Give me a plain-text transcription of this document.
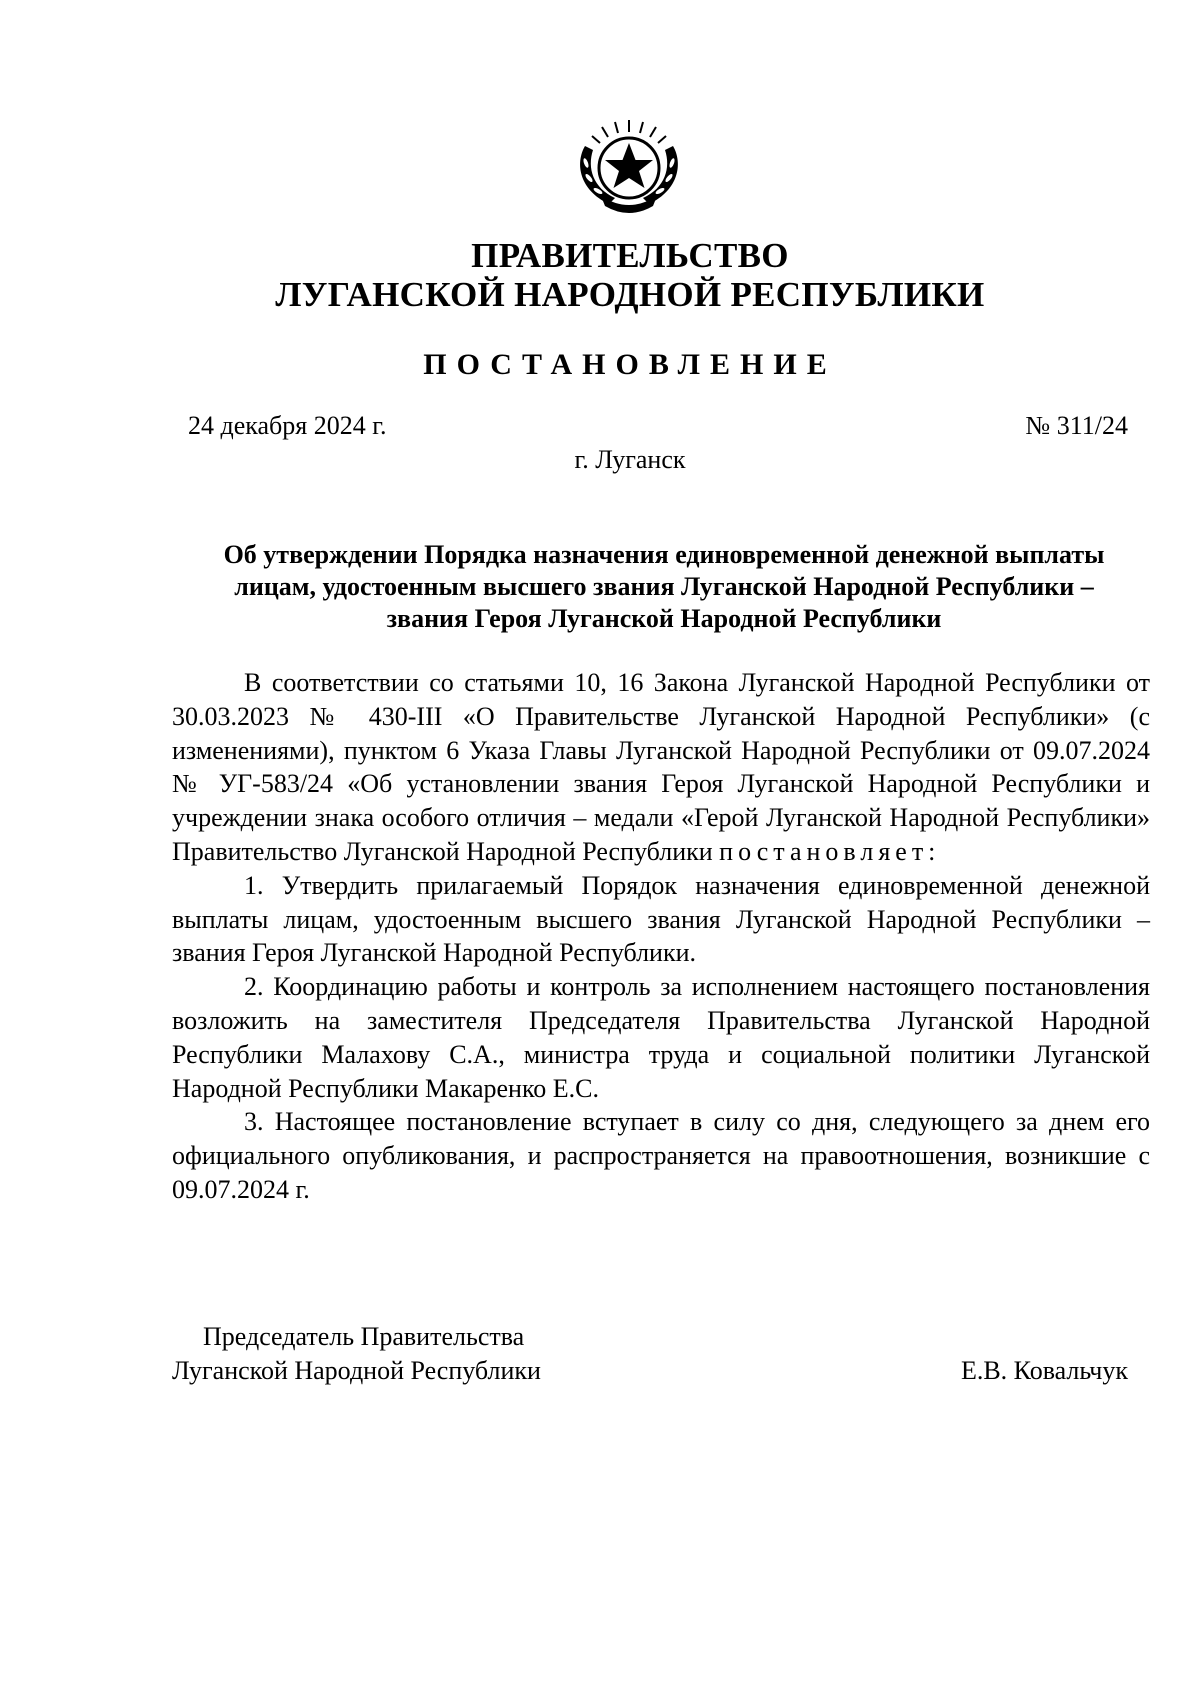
ПРАВИТЕЛЬСТВО
ЛУГАНСКОЙ НАРОДНОЙ РЕСПУБЛИКИ
ПОСТАНОВЛЕНИЕ
24 декабря 2024 г.	№ 311/24
г. Луганск
Об утверждении Порядка назначения единовременной денежной выплаты
лицам, удостоенным высшего звания Луганской Народной Республики –
звания Героя Луганской Народной Республики

В соответствии со статьями 10, 16 Закона Луганской Народной Республики от 30.03.2023 № 430-III «О Правительстве Луганской Народной Республики» (с изменениями), пунктом 6 Указа Главы Луганской Народной Республики от 09.07.2024 № УГ-583/24 «Об установлении звания Героя Луганской Народной Республики и учреждении знака особого отличия – медали «Герой Луганской Народной Республики» Правительство Луганской Народной Республики постановляет:

1. Утвердить прилагаемый Порядок назначения единовременной денежной выплаты лицам, удостоенным высшего звания Луганской Народной Республики – звания Героя Луганской Народной Республики.

2. Координацию работы и контроль за исполнением настоящего постановления возложить на заместителя Председателя Правительства Луганской Народной Республики Малахову С.А., министра труда и социальной политики Луганской Народной Республики Макаренко Е.С.

3. Настоящее постановление вступает в силу со дня, следующего за днем его официального опубликования, и распространяется на правоотношения, возникшие с 09.07.2024 г.

Председатель Правительства
Луганской Народной Республики	Е.В. Ковальчук
